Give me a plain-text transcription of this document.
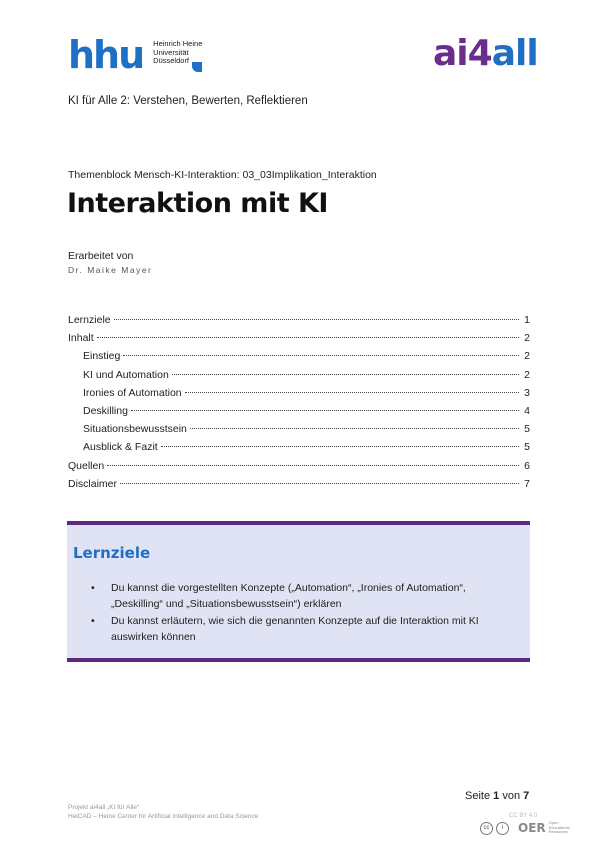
hhu Heinrich Heine
Universität
Düsseldorf	ai4all
KI für Alle 2: Verstehen, Bewerten, Reflektieren
Themenblock Mensch-KI-Interaktion: 03_03Implikation_Interaktion
Interaktion mit KI
Erarbeitet von
Dr. Maike Mayer
Lernziele	1
Inhalt	2
Einstieg	2
KI und Automation	2
Ironies of Automation	3
Deskilling	4
Situationsbewusstsein	5
Ausblick & Fazit	5
Quellen	6
Disclaimer	7
Lernziele
• Du kannst die vorgestellten Konzepte („Automation“, „Ironies of Automation“, „Deskilling“ und „Situationsbewusstsein“) erklären
• Du kannst erläutern, wie sich die genannten Konzepte auf die Interaktion mit KI auswirken können
Seite 1 von 7
Projekt ai4all „KI für Alle“
HeiCAD – Heine Center for Artificial Intelligence and Data Science	CC BY 4.0
cc	i	OER Open Educational Resources
